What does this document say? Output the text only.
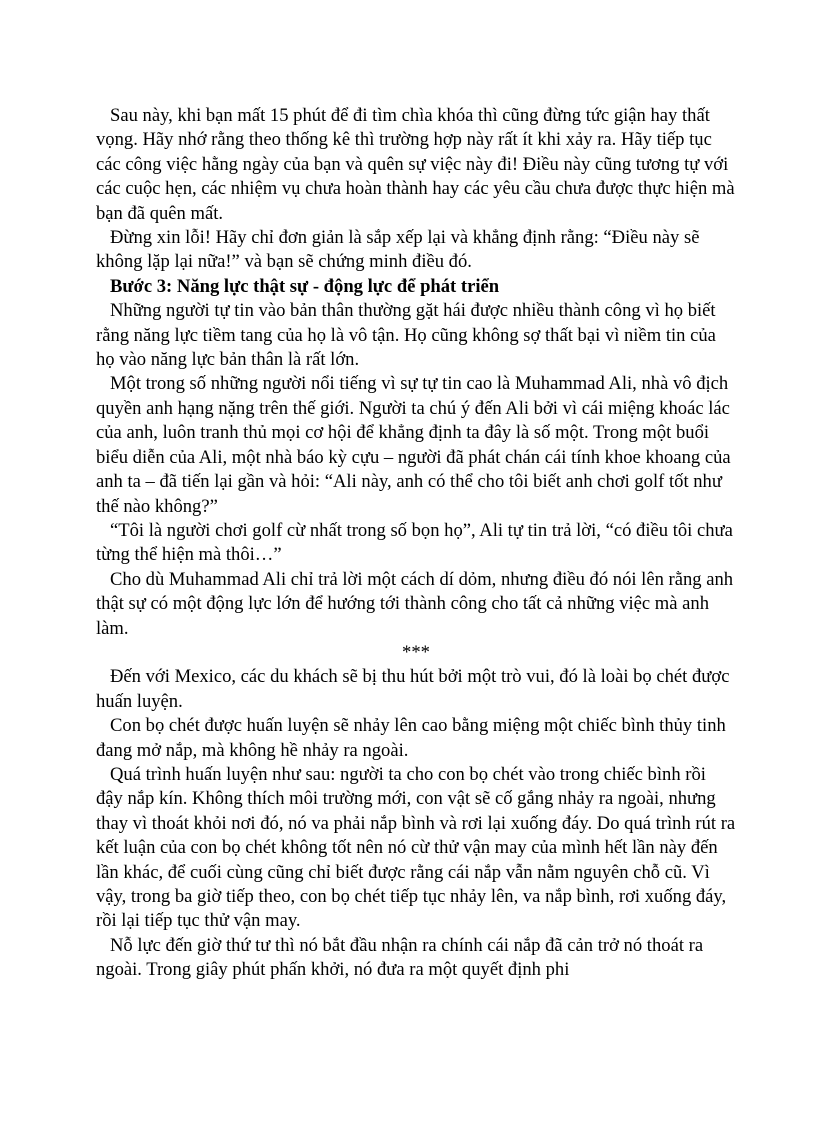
Sau này, khi bạn mất 15 phút để đi tìm chìa khóa thì cũng đừng tức giận hay thất vọng. Hãy nhớ rằng theo thống kê thì trường hợp này rất ít khi xảy ra. Hãy tiếp tục các công việc hằng ngày của bạn và quên sự việc này đi! Điều này cũng tương tự với các cuộc hẹn, các nhiệm vụ chưa hoàn thành hay các yêu cầu chưa được thực hiện mà bạn đã quên mất.

Đừng xin lỗi! Hãy chỉ đơn giản là sắp xếp lại và khẳng định rằng: “Điều này sẽ không lặp lại nữa!” và bạn sẽ chứng minh điều đó.

Bước 3: Năng lực thật sự - động lực để phát triển

Những người tự tin vào bản thân thường gặt hái được nhiều thành công vì họ biết rằng năng lực tiềm tang của họ là vô tận. Họ cũng không sợ thất bại vì niềm tin của họ vào năng lực bản thân là rất lớn.

Một trong số những người nổi tiếng vì sự tự tin cao là Muhammad Ali, nhà vô địch quyền anh hạng nặng trên thế giới. Người ta chú ý đến Ali bởi vì cái miệng khoác lác của anh, luôn tranh thủ mọi cơ hội để khẳng định ta đây là số một. Trong một buổi biểu diễn của Ali, một nhà báo kỳ cựu – người đã phát chán cái tính khoe khoang của anh ta – đã tiến lại gần và hỏi: “Ali này, anh có thể cho tôi biết anh chơi golf tốt như thế nào không?”

“Tôi là người chơi golf cừ nhất trong số bọn họ”, Ali tự tin trả lời, “có điều tôi chưa từng thể hiện mà thôi…”

Cho dù Muhammad Ali chỉ trả lời một cách dí dỏm, nhưng điều đó nói lên rằng anh thật sự có một động lực lớn để hướng tới thành công cho tất cả những việc mà anh làm.

***

Đến với Mexico, các du khách sẽ bị thu hút bởi một trò vui, đó là loài bọ chét được huấn luyện.

Con bọ chét được huấn luyện sẽ nhảy lên cao bằng miệng một chiếc bình thủy tinh đang mở nắp, mà không hề nhảy ra ngoài.

Quá trình huấn luyện như sau: người ta cho con bọ chét vào trong chiếc bình rồi đậy nắp kín. Không thích môi trường mới, con vật sẽ cố gắng nhảy ra ngoài, nhưng thay vì thoát khỏi nơi đó, nó va phải nắp bình và rơi lại xuống đáy. Do quá trình rút ra kết luận của con bọ chét không tốt nên nó cừ thử vận may của mình hết lần này đến lần khác, để cuối cùng cũng chỉ biết được rằng cái nắp vẫn nằm nguyên chỗ cũ. Vì vậy, trong ba giờ tiếp theo, con bọ chét tiếp tục nhảy lên, va nắp bình, rơi xuống đáy, rồi lại tiếp tục thử vận may.

Nỗ lực đến giờ thứ tư thì nó bắt đầu nhận ra chính cái nắp đã cản trở nó thoát ra ngoài. Trong giây phút phấn khởi, nó đưa ra một quyết định phi
